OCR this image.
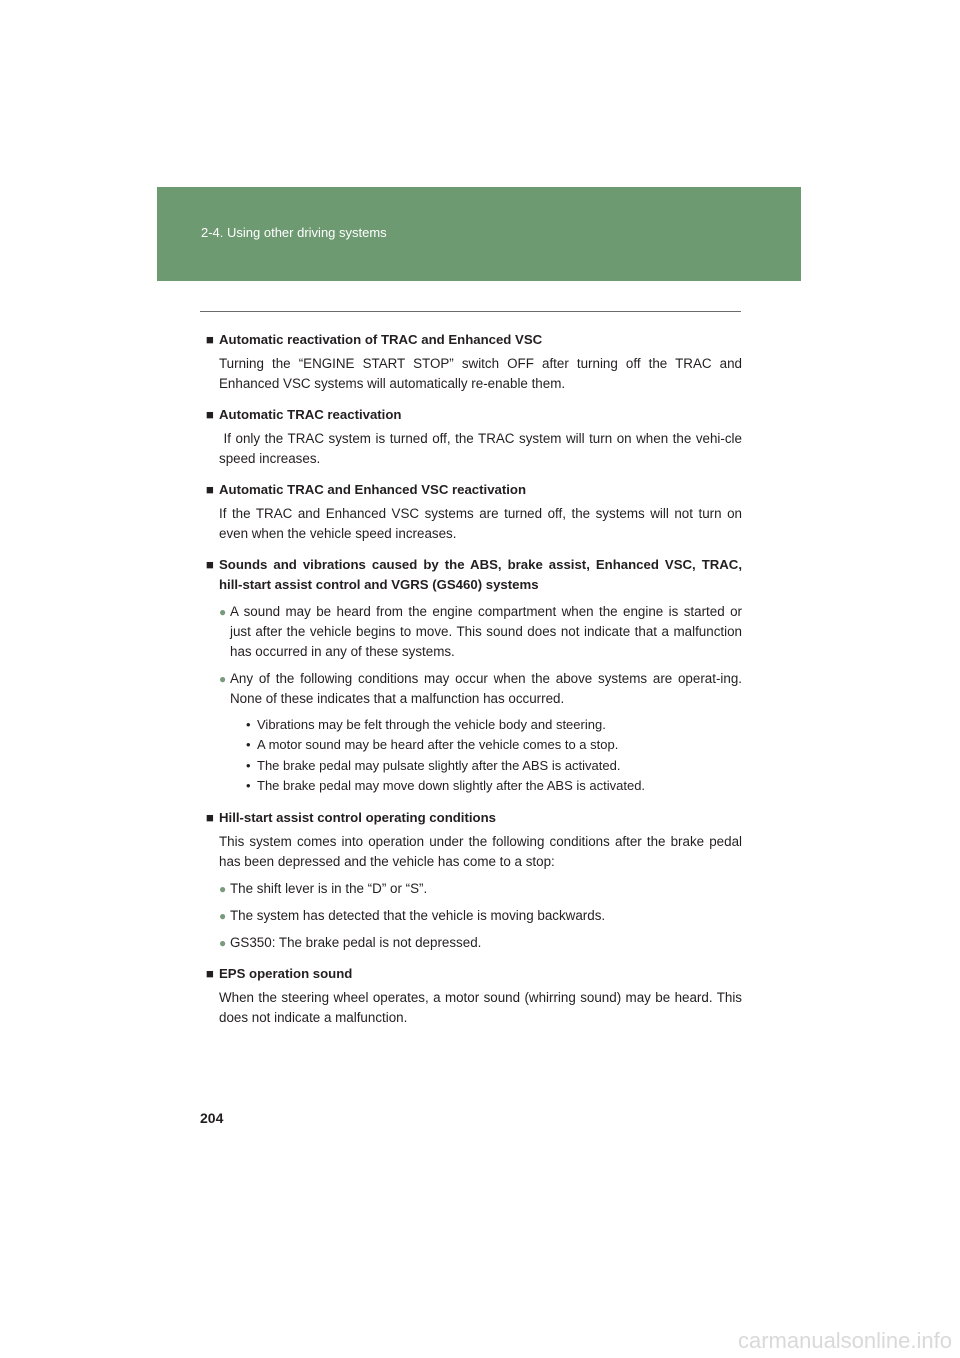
2-4. Using other driving systems
■ Automatic reactivation of TRAC and Enhanced VSC
Turning the “ENGINE START STOP” switch OFF after turning off the TRAC and Enhanced VSC systems will automatically re-enable them.
■ Automatic TRAC reactivation
If only the TRAC system is turned off, the TRAC system will turn on when the vehi-cle speed increases.
■ Automatic TRAC and Enhanced VSC reactivation
If the TRAC and Enhanced VSC systems are turned off, the systems will not turn on even when the vehicle speed increases.
■ Sounds and vibrations caused by the ABS, brake assist, Enhanced VSC, TRAC, hill-start assist control and VGRS (GS460) systems
● A sound may be heard from the engine compartment when the engine is started or just after the vehicle begins to move. This sound does not indicate that a malfunction has occurred in any of these systems.
● Any of the following conditions may occur when the above systems are operat-ing. None of these indicates that a malfunction has occurred.
• Vibrations may be felt through the vehicle body and steering.
• A motor sound may be heard after the vehicle comes to a stop.
• The brake pedal may pulsate slightly after the ABS is activated.
• The brake pedal may move down slightly after the ABS is activated.
■ Hill-start assist control operating conditions
This system comes into operation under the following conditions after the brake pedal has been depressed and the vehicle has come to a stop:
● The shift lever is in the “D” or “S”.
● The system has detected that the vehicle is moving backwards.
● GS350: The brake pedal is not depressed.
■ EPS operation sound
When the steering wheel operates, a motor sound (whirring sound) may be heard. This does not indicate a malfunction.
204
carmanualsonline.info
